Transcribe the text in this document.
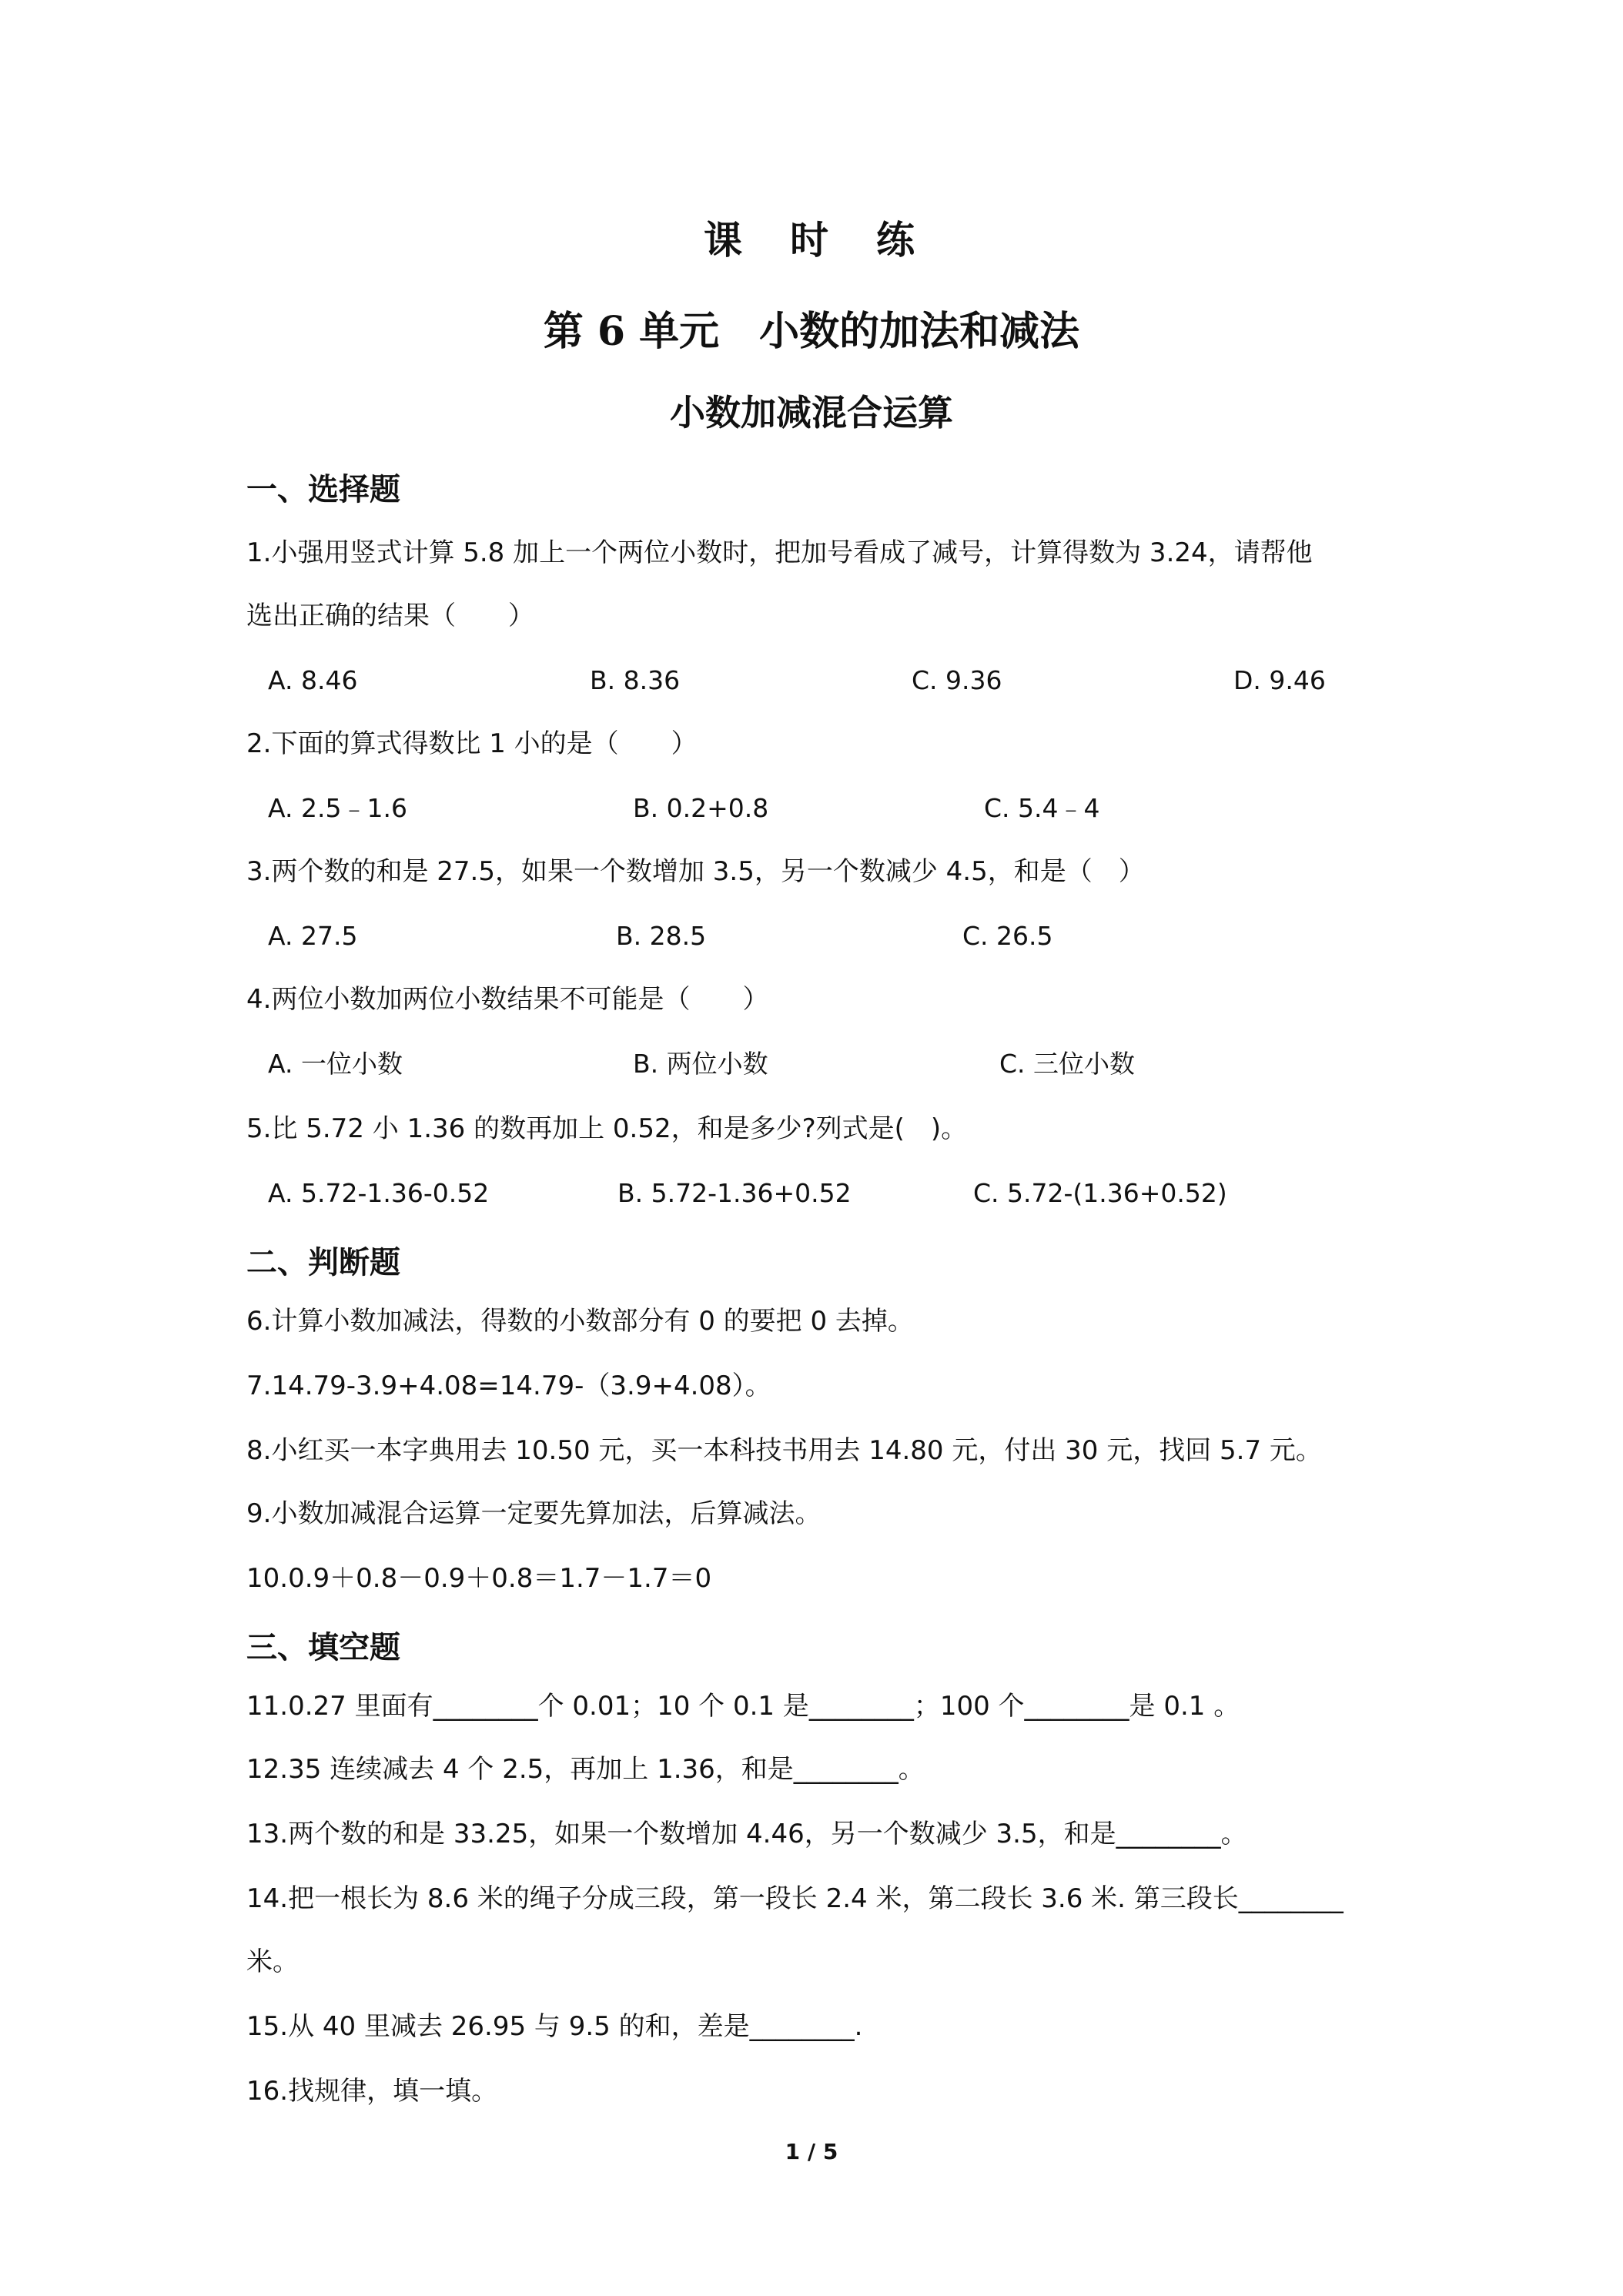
课　时　练
第 6 单元　小数的加法和减法
小数加减混合运算
一、选择题
1.小强用竖式计算 5.8 加上一个两位小数时，把加号看成了减号，计算得数为 3.24，请帮他
选出正确的结果（　　）
A. 8.46	B. 8.36	C. 9.36	D. 9.46
2.下面的算式得数比 1 小的是（　　）
A. 2.5﹣1.6	B. 0.2+0.8	C. 5.4﹣4
3.两个数的和是 27.5，如果一个数增加 3.5，另一个数减少 4.5，和是（　）
A. 27.5	B. 28.5	C. 26.5
4.两位小数加两位小数结果不可能是（　　）
A. 一位小数	B. 两位小数	C. 三位小数
5.比 5.72 小 1.36 的数再加上 0.52，和是多少?列式是(　)。
A. 5.72-1.36-0.52	B. 5.72-1.36+0.52	C. 5.72-(1.36+0.52)
二、判断题
6.计算小数加减法，得数的小数部分有 0 的要把 0 去掉。
7.14.79-3.9+4.08=14.79-（3.9+4.08）。
8.小红买一本字典用去 10.50 元，买一本科技书用去 14.80 元，付出 30 元，找回 5.7 元。
9.小数加减混合运算一定要先算加法，后算减法。
10.0.9＋0.8－0.9＋0.8＝1.7－1.7＝0
三、填空题
11.0.27 里面有________个 0.01；10 个 0.1 是________；100 个________是 0.1 。
12.35 连续减去 4 个 2.5，再加上 1.36，和是________。
13.两个数的和是 33.25，如果一个数增加 4.46，另一个数减少 3.5，和是________。
14.把一根长为 8.6 米的绳子分成三段，第一段长 2.4 米，第二段长 3.6 米. 第三段长________
米。
15.从 40 里减去 26.95 与 9.5 的和，差是________.
16.找规律，填一填。
1 / 5
